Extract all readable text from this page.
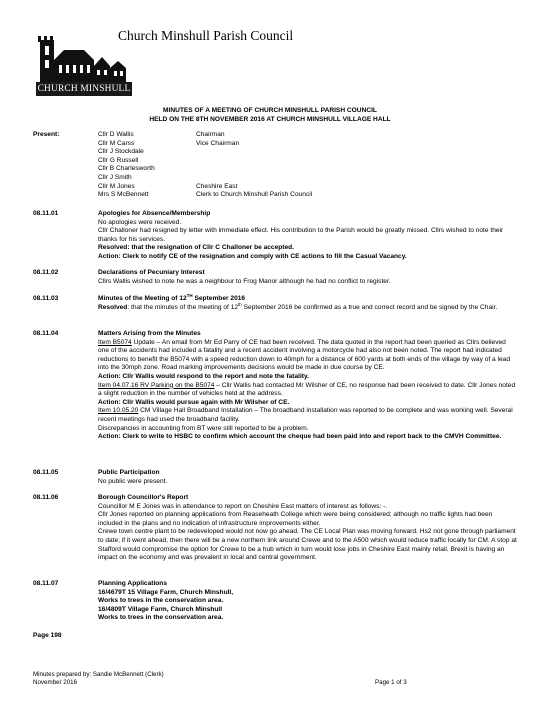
CHURCH MINSHULL
Church Minshull Parish Council
MINUTES OF A MEETING OF CHURCH MINSHULL PARISH COUNCIL
HELD ON THE 8TH NOVEMBER 2016 AT CHURCH MINSHULL VILLAGE HALL
Present:	Cllr D Wallis	Chairman
Cllr M Carss	Vice Chairman
Cllr J Stockdale
Cllr G Russell
Cllr B Charlesworth
Cllr J Smith
Cllr M Jones	Cheshire East
Mrs S McBennett	Clerk to Church Minshull Parish Council
08.11.01	Apologies for Absence/Membership
No apologies were received.
Cllr Challoner had resigned by letter with immediate effect. His contribution to the Parish would be greatly missed. Cllrs wished to note their thanks for his services.
Resolved: that the resignation of Cllr C Challoner be accepted.
Action: Clerk to notify CE of the resignation and comply with CE actions to fill the Casual Vacancy.
08.11.02	Declarations of Pecuniary Interest
Cllrs Wallis wished to note he was a neighbour to Frog Manor although he had no conflict to register.
08.11.03	Minutes of the Meeting of 12TH September 2016
Resolved: that the minutes of the meeting of 12th September 2016 be confirmed as a true and correct record and be signed by the Chair.
08.11.04	Matters Arising from the Minutes
Item B5074 Update – An email from Mr Ed Parry of CE had been received. The data quoted in the report had been queried as Cllrs believed one of the accidents had included a fatality and a recent accident involving a motorcycle had also not been noted. The report had indicated reductions to benefit the B5074 with a speed reduction down to 40mph for a distance of 600 yards at both ends of the village by way of a lead into the 30mph zone. Road marking improvements decisions would be made in due course by CE.
Action: Cllr Wallis would respond to the report and note the fatality.
Item 04.07.16 RV Parking on the B5074 – Cllr Wallis had contacted Mr Wilsher of CE, no response had been received to date. Cllr Jones noted a slight reduction in the number of vehicles held at the address.
Action: Cllr Wallis would pursue again with Mr Wilsher of CE.
Item 10.05.20 CM Village Hall Broadband Installation – The broadband installation was reported to be complete and was working well. Several recent meetings had used the broadband facility.
Discrepancies in accounting from BT were still reported to be a problem.
Action: Clerk to write to HSBC to confirm which account the cheque had been paid into and report back to the CMVH Committee.
08.11.05	Public Participation
No public were present.
08.11.06	Borough Councillor's Report
Councillor M E Jones was in attendance to report on Cheshire East matters of interest as follows: -.
Cllr Jones reported on planning applications from Reaseheath College which were being considered; although no traffic lights had been included in the plans and no indication of infrastructure improvements either.
Crewe town centre plant to be redeveloped would not now go ahead. The CE Local Plan was moving forward. Hs2 not gone through parliament to date; if it went ahead, then there will be a new northern link around Crewe and to the A500 which would reduce traffic locally for CM. A stop at Stafford would compromise the option for Crewe to be a hub which in turn would lose jobs in Cheshire East mainly retail. Brexit is having an impact on the economy and was prevalent in local and central government.
08.11.07	Planning Applications
16/4679T 15 Village Farm, Church Minshull,
Works to trees in the conservation area.
16/4809T Village Farm, Church Minshull
Works to trees in the conservation area.
Page 198
Minutes prepared by: Sandie McBennett (Clerk)
November 2016	Page 1 of 3
